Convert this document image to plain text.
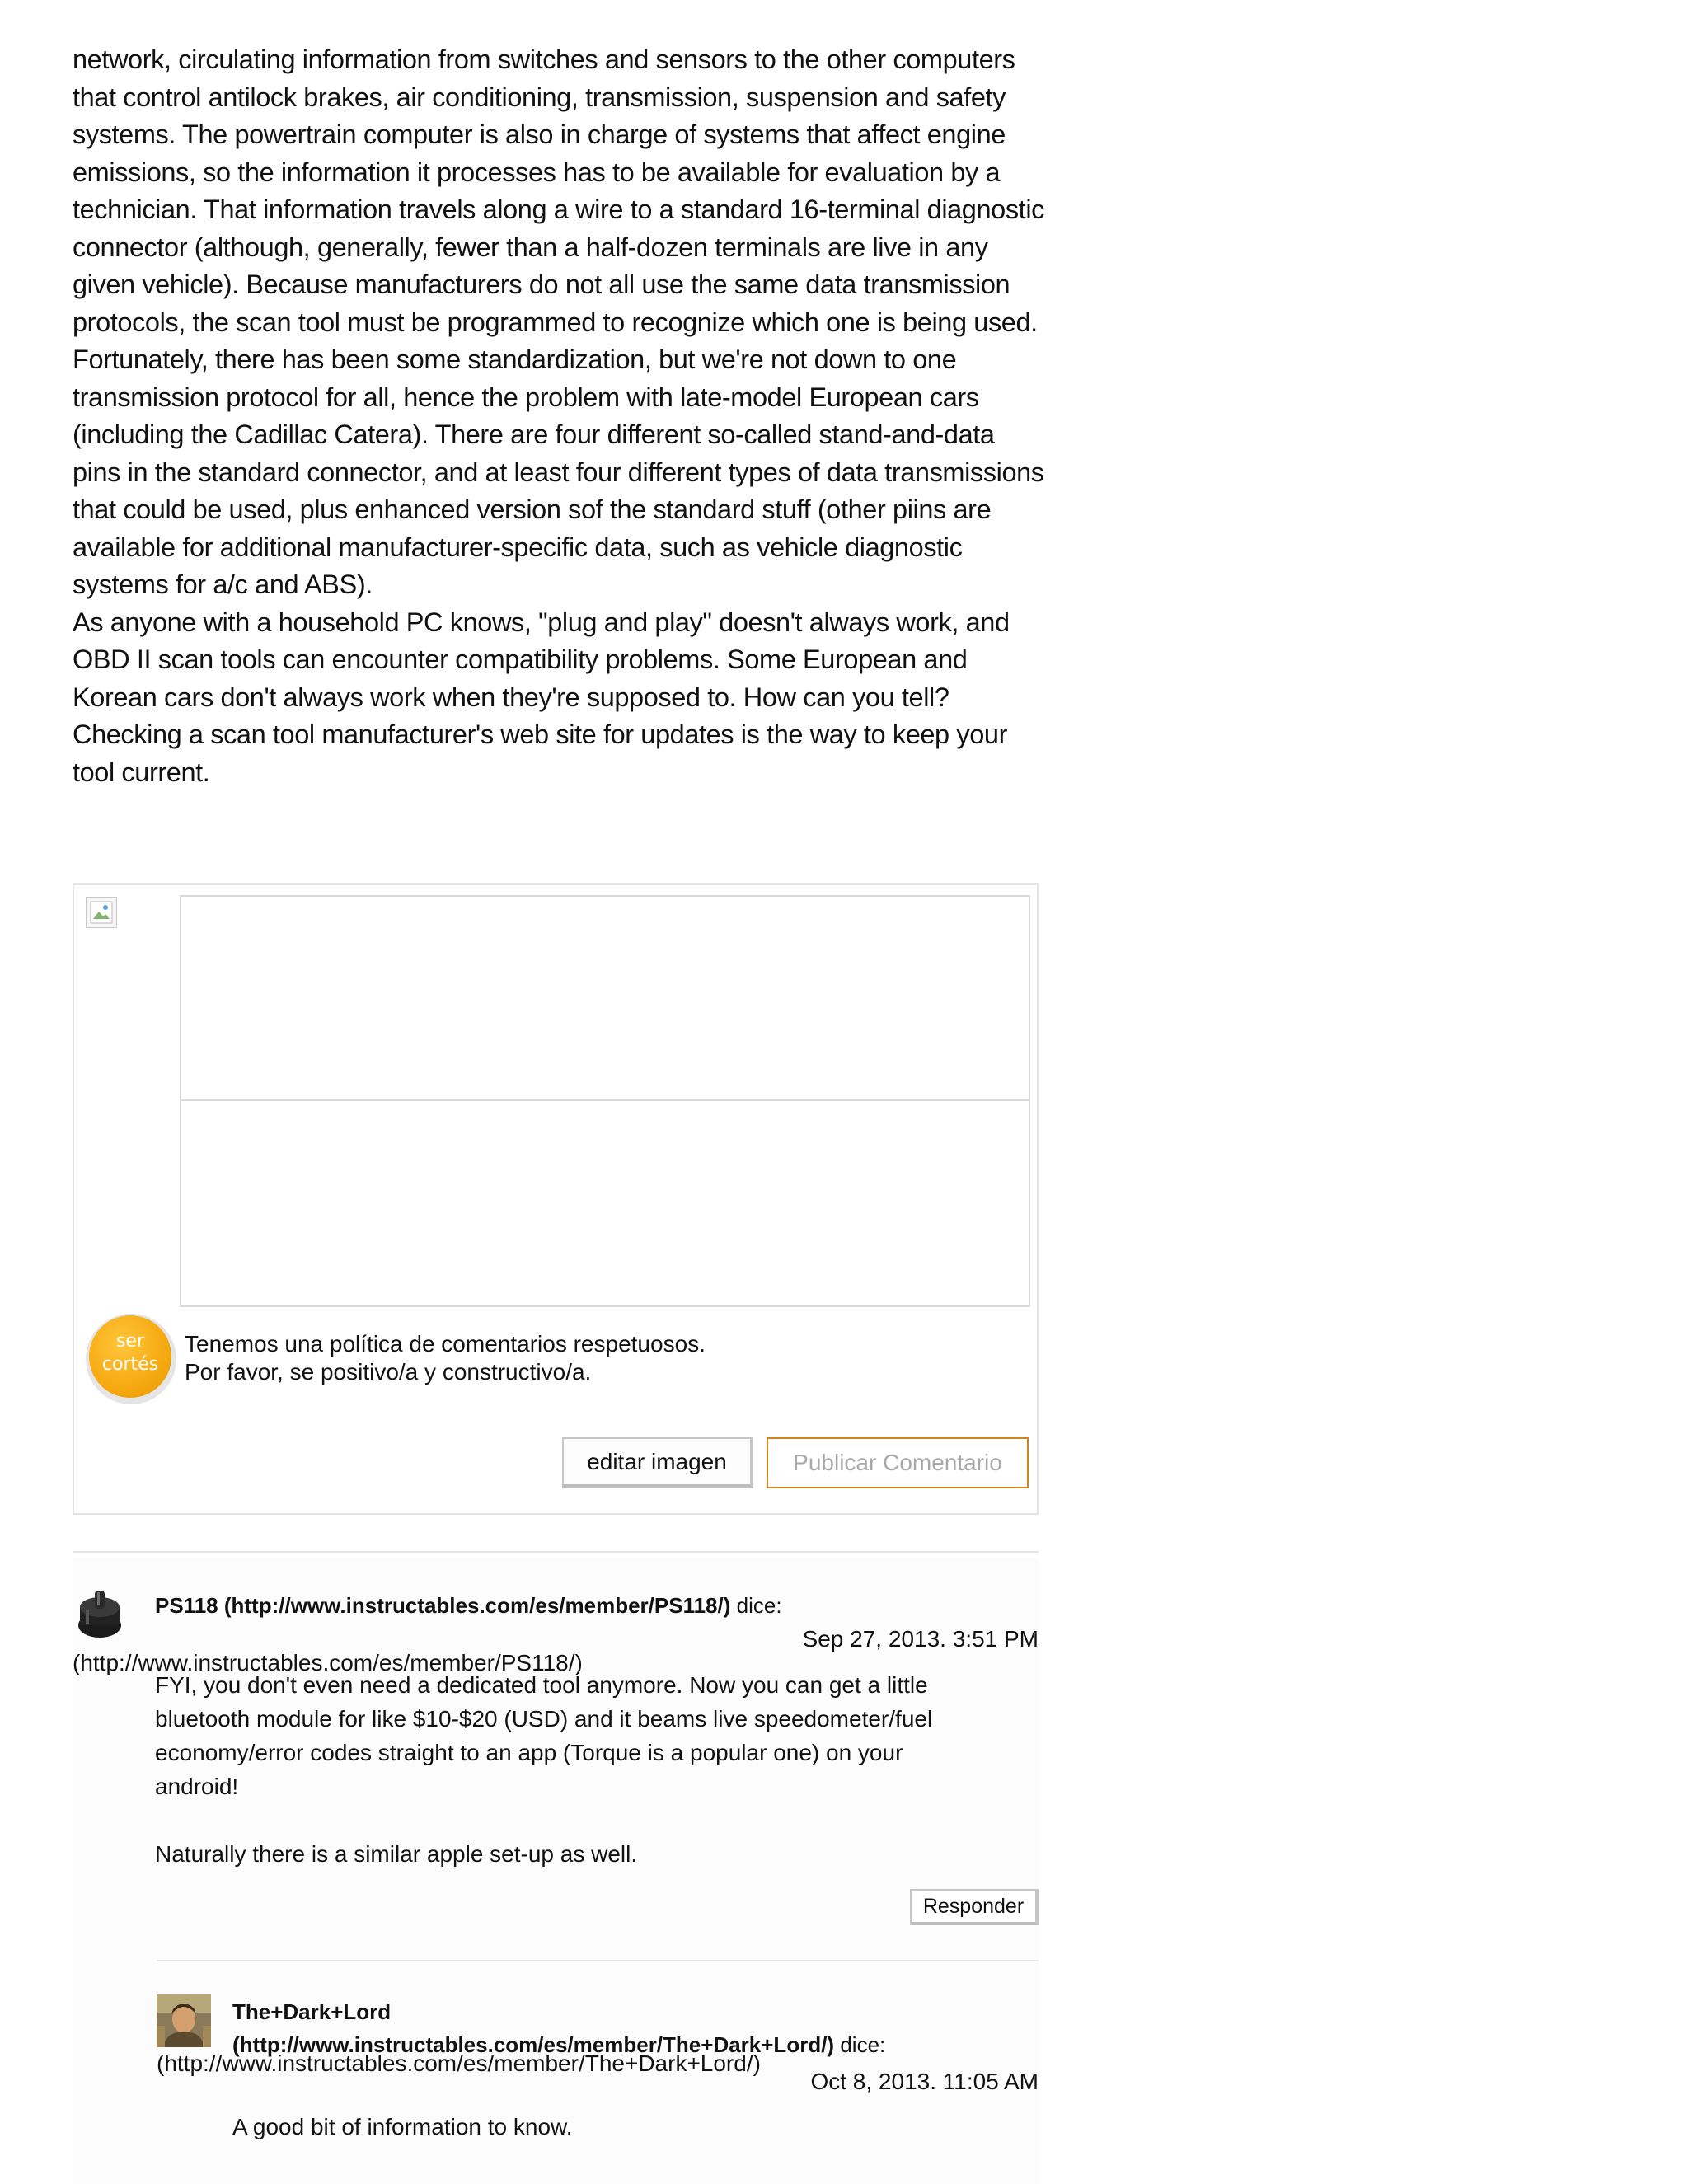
network, circulating information from switches and sensors to the other computers that control antilock brakes, air conditioning, transmission, suspension and safety systems. The powertrain computer is also in charge of systems that affect engine emissions, so the information it processes has to be available for evaluation by a technician. That information travels along a wire to a standard 16-terminal diagnostic connector (although, generally, fewer than a half-dozen terminals are live in any given vehicle). Because manufacturers do not all use the same data transmission protocols, the scan tool must be programmed to recognize which one is being used. Fortunately, there has been some standardization, but we're not down to one transmission protocol for all, hence the problem with late-model European cars (including the Cadillac Catera). There are four different so-called stand-and-data pins in the standard connector, and at least four different types of data transmissions that could be used, plus enhanced version sof the standard stuff (other piins are available for additional manufacturer-specific data, such as vehicle diagnostic systems for a/c and ABS).

As anyone with a household PC knows, "plug and play" doesn't always work, and OBD II scan tools can encounter compatibility problems. Some European and Korean cars don't always work when they're supposed to. How can you tell? Checking a scan tool manufacturer's web site for updates is the way to keep your tool current.

ser
cortés
Tenemos una política de comentarios respetuosos.
Por favor, se positivo/a y constructivo/a.
editar imagen	Publicar Comentario
PS118 (http://www.instructables.com/es/member/PS118/) dice:
Sep 27, 2013. 3:51 PM
(http://www.instructables.com/es/member/PS118/)

FYI, you don't even need a dedicated tool anymore. Now you can get a little bluetooth module for like $10-$20 (USD) and it beams live speedometer/fuel economy/error codes straight to an app (Torque is a popular one) on your android!

Naturally there is a similar apple set-up as well.

Responder
The+Dark+Lord
(http://www.instructables.com/es/member/The+Dark+Lord/) dice:
(http://www.instructables.com/es/member/The+Dark+Lord/)
Oct 8, 2013. 11:05 AM

A good bit of information to know.
